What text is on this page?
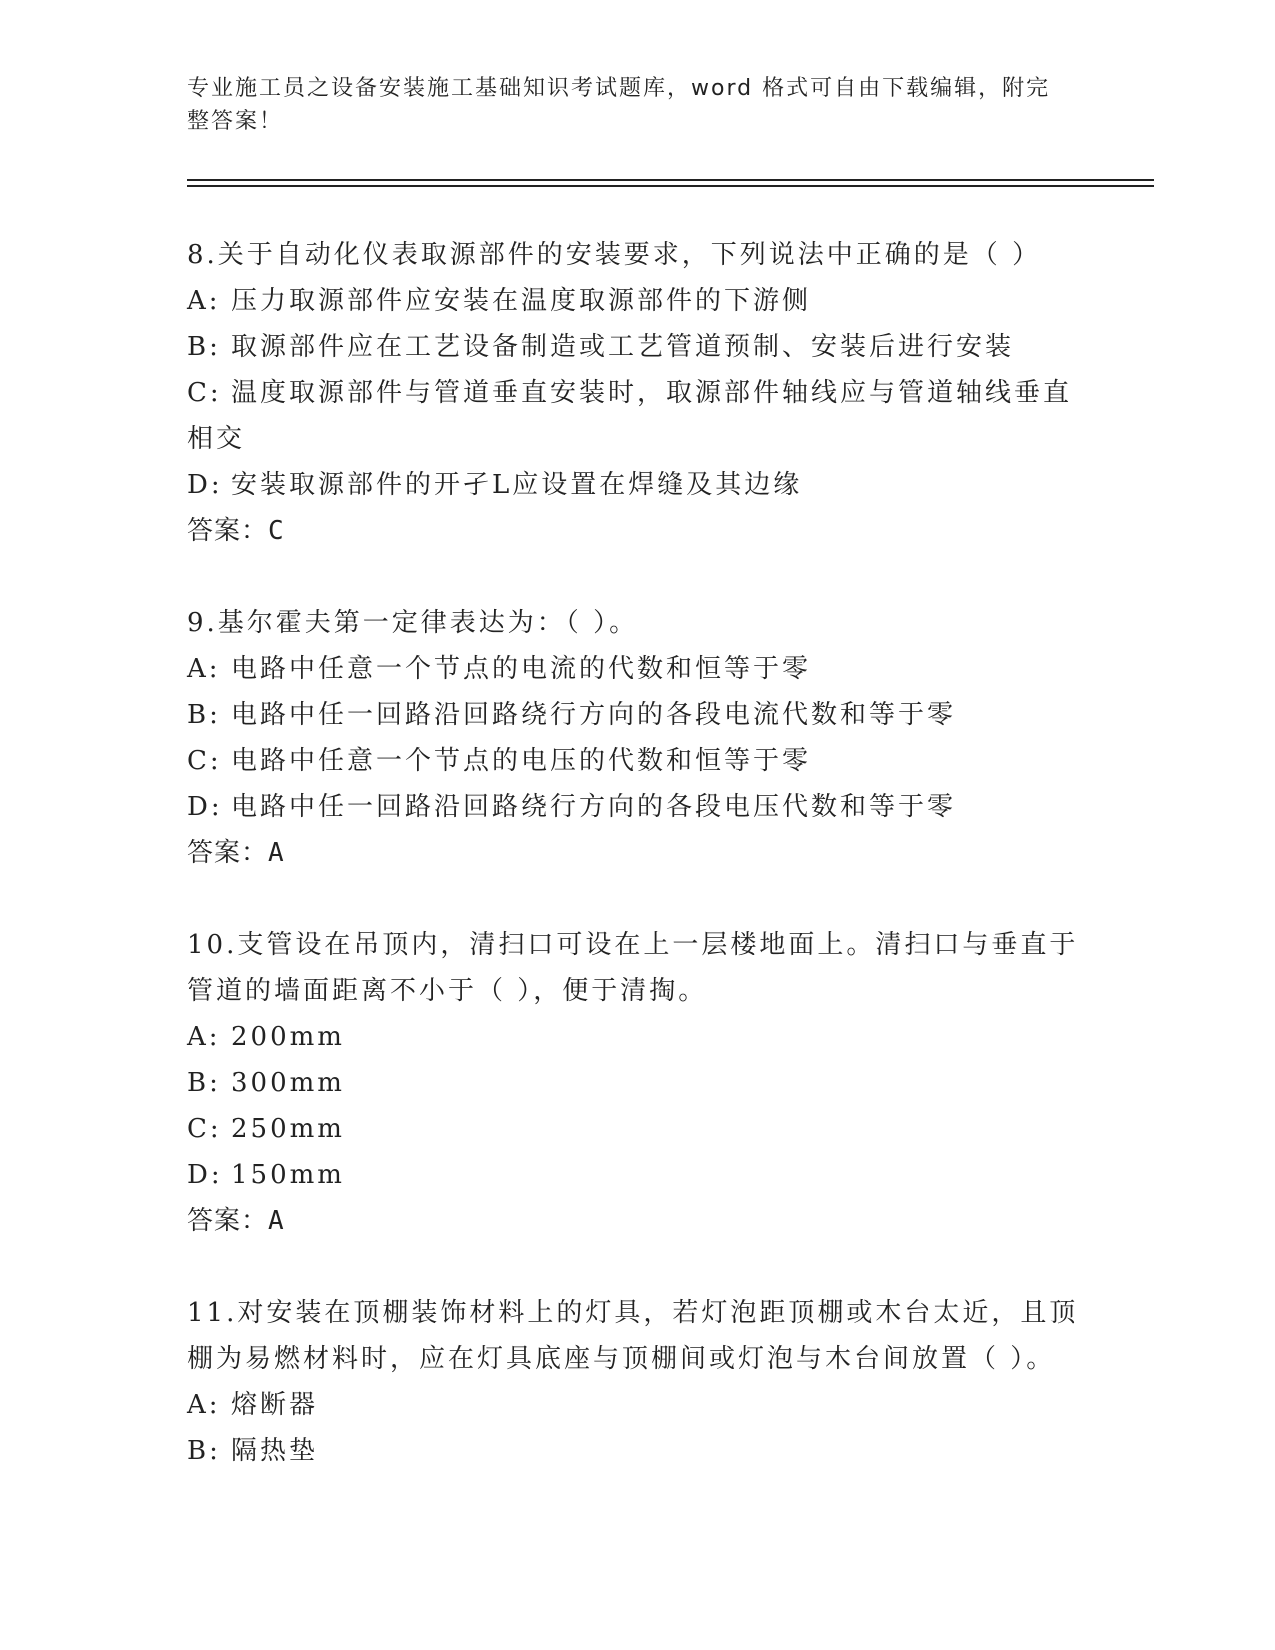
专业施工员之设备安装施工基础知识考试题库，word 格式可自由下载编辑，附完整答案！
8.关于自动化仪表取源部件的安装要求，下列说法中正确的是（ ）
A: 压力取源部件应安装在温度取源部件的下游侧
B: 取源部件应在工艺设备制造或工艺管道预制、安装后进行安装
C: 温度取源部件与管道垂直安装时，取源部件轴线应与管道轴线垂直相交
D: 安装取源部件的开孑L应设置在焊缝及其边缘
答案：C
9.基尔霍夫第一定律表达为：（ ）。
A: 电路中任意一个节点的电流的代数和恒等于零
B: 电路中任一回路沿回路绕行方向的各段电流代数和等于零
C: 电路中任意一个节点的电压的代数和恒等于零
D: 电路中任一回路沿回路绕行方向的各段电压代数和等于零
答案：A
10.支管设在吊顶内，清扫口可设在上一层楼地面上。清扫口与垂直于管道的墙面距离不小于（ ），便于清掏。
A: 200mm
B: 300mm
C: 250mm
D: 150mm
答案：A
11.对安装在顶棚装饰材料上的灯具，若灯泡距顶棚或木台太近，且顶棚为易燃材料时，应在灯具底座与顶棚间或灯泡与木台间放置（ ）。
A: 熔断器
B: 隔热垫
